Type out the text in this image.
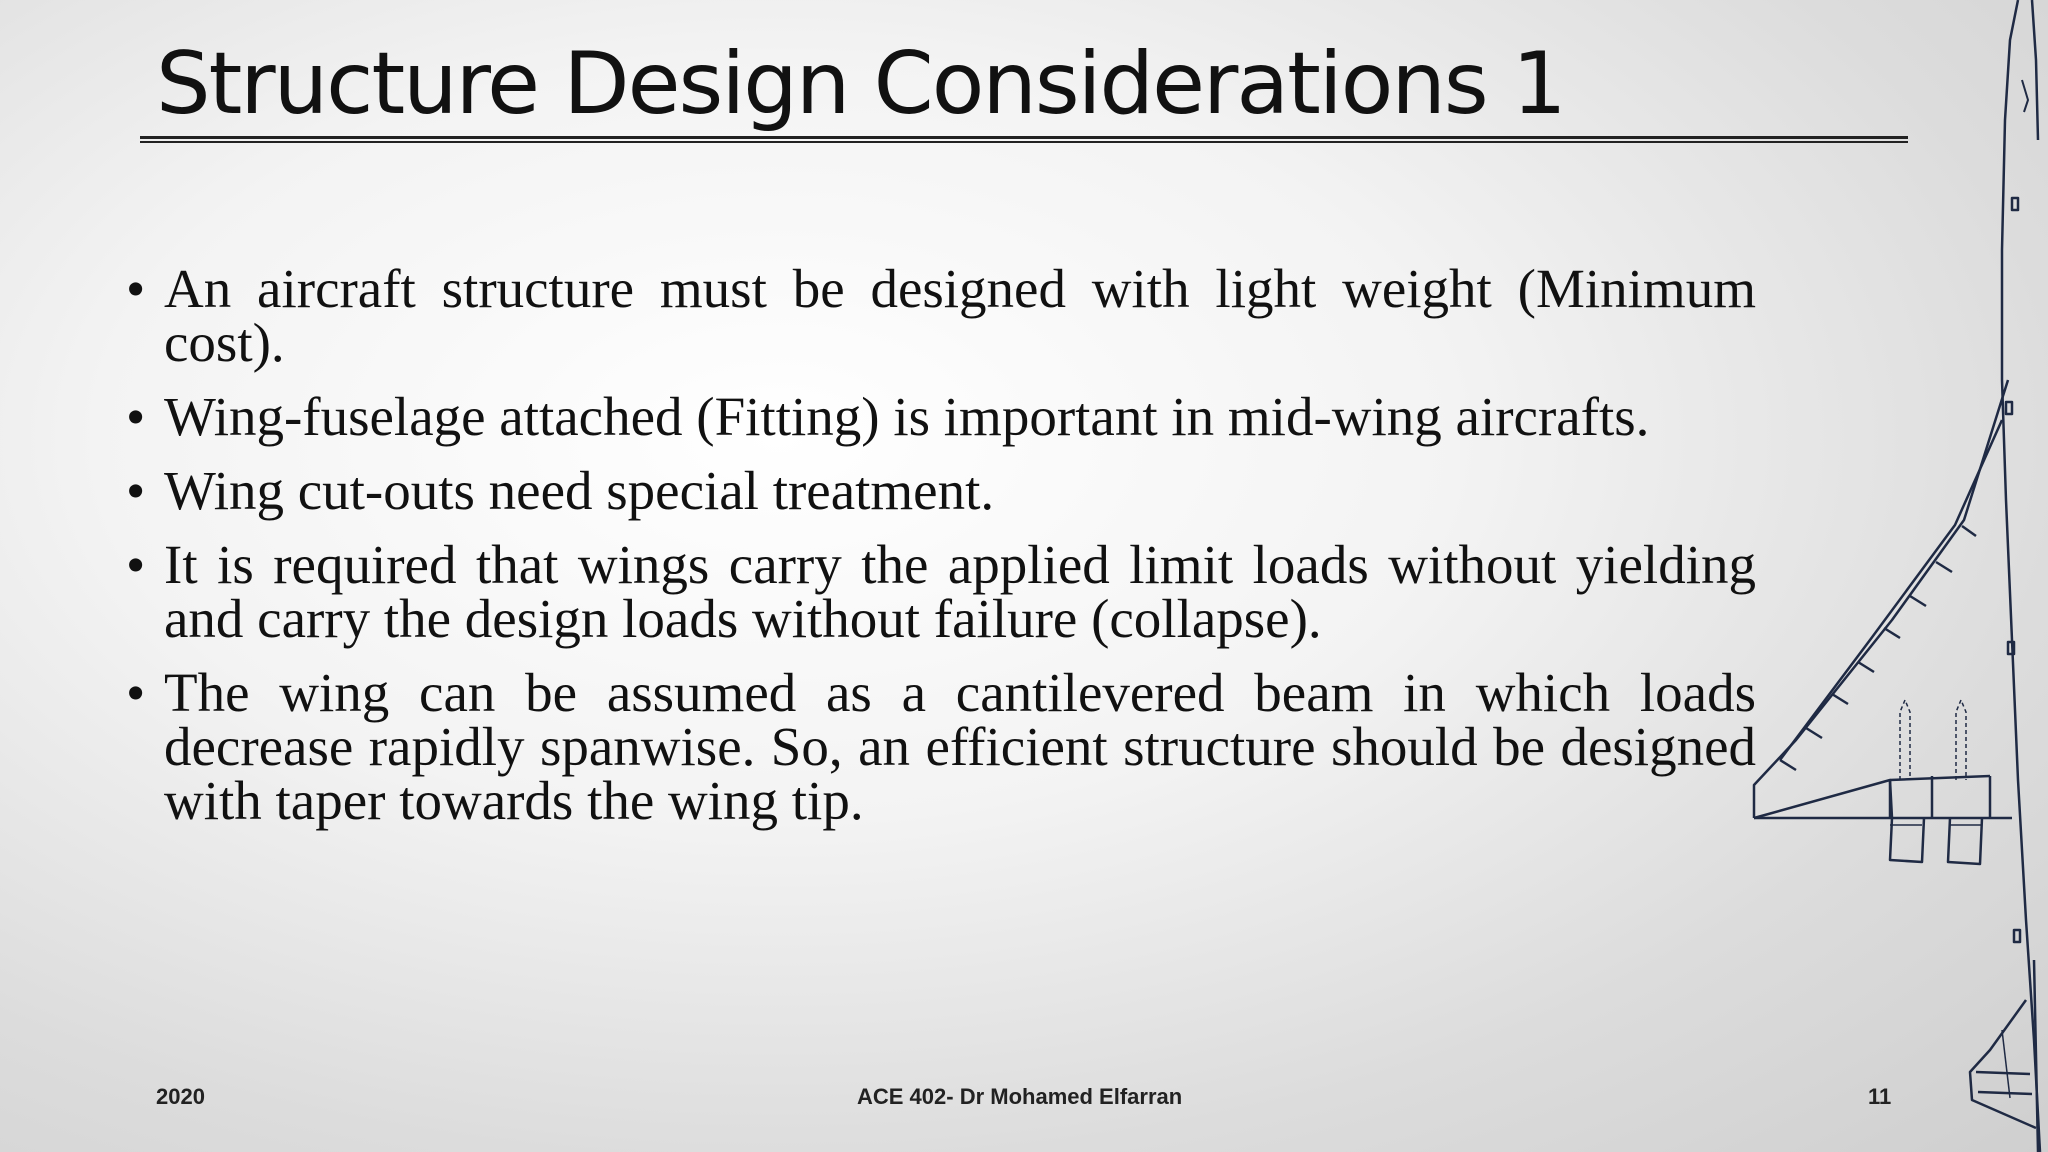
Structure Design Considerations 1
• An aircraft structure must be designed with light weight (Minimum cost).
• Wing-fuselage attached (Fitting) is important in mid-wing aircrafts.
• Wing cut-outs need special treatment.
• It is required that wings carry the applied limit loads without yielding and carry the design loads without failure (collapse).
• The wing can be assumed as a cantilevered beam in which loads decrease rapidly spanwise. So, an efficient structure should be designed with taper towards the wing tip.
2020	ACE 402- Dr Mohamed Elfarran	11
